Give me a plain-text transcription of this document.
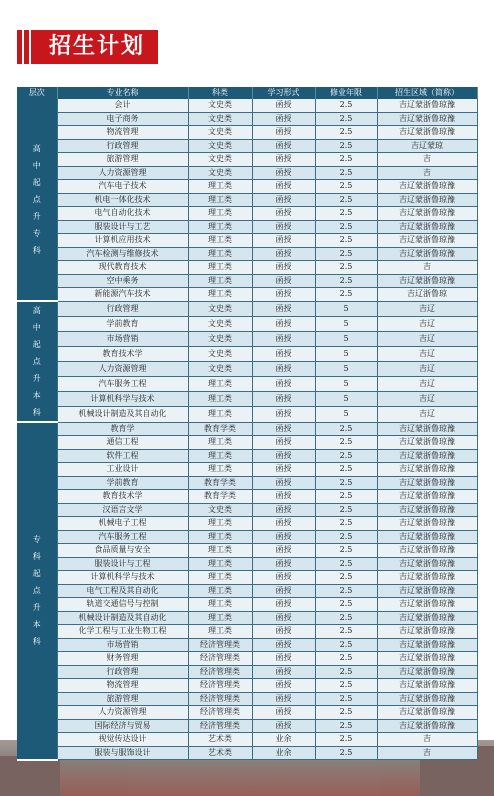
招生计划
层次	专业名称	科类	学习形式	修业年限	招生区域（简称）
高中起点升专科	会计	文史类	函授	2.5	吉辽蒙浙鲁琼豫
	电子商务	文史类	函授	2.5	吉辽蒙浙鲁琼豫
	物流管理	文史类	函授	2.5	吉辽蒙浙鲁琼豫
	行政管理	文史类	函授	2.5	吉辽蒙琼
	旅游管理	文史类	函授	2.5	吉
	人力资源管理	文史类	函授	2.5	吉
	汽车电子技术	理工类	函授	2.5	吉辽蒙浙鲁琼豫
	机电一体化技术	理工类	函授	2.5	吉辽蒙浙鲁琼豫
	电气自动化技术	理工类	函授	2.5	吉辽蒙浙鲁琼豫
	服装设计与工艺	理工类	函授	2.5	吉辽蒙浙鲁琼豫
	计算机应用技术	理工类	函授	2.5	吉辽蒙浙鲁琼豫
	汽车检测与维修技术	理工类	函授	2.5	吉辽蒙浙鲁琼豫
	现代教育技术	理工类	函授	2.5	吉
	空中乘务	理工类	函授	2.5	吉辽蒙浙鲁琼豫
	新能源汽车技术	理工类	函授	2.5	吉辽浙鲁琼
高中起点升本科	行政管理	文史类	函授	5	吉辽
	学前教育	文史类	函授	5	吉辽
	市场营销	文史类	函授	5	吉辽
	教育技术学	文史类	函授	5	吉辽
	人力资源管理	文史类	函授	5	吉辽
	汽车服务工程	理工类	函授	5	吉辽
	计算机科学与技术	理工类	函授	5	吉辽
	机械设计制造及其自动化	理工类	函授	5	吉辽
专科起点升本科	教育学	教育学类	函授	2.5	吉辽蒙浙鲁琼豫
	通信工程	理工类	函授	2.5	吉辽蒙浙鲁琼豫
	软件工程	理工类	函授	2.5	吉辽蒙浙鲁琼豫
	工业设计	理工类	函授	2.5	吉辽蒙浙鲁琼豫
	学前教育	教育学类	函授	2.5	吉辽蒙浙鲁琼豫
	教育技术学	教育学类	函授	2.5	吉辽蒙浙鲁琼豫
	汉语言文学	文史类	函授	2.5	吉辽蒙浙鲁琼豫
	机械电子工程	理工类	函授	2.5	吉辽蒙浙鲁琼豫
	汽车服务工程	理工类	函授	2.5	吉辽蒙浙鲁琼豫
	食品质量与安全	理工类	函授	2.5	吉辽蒙浙鲁琼豫
	服装设计与工程	理工类	函授	2.5	吉辽蒙浙鲁琼豫
	计算机科学与技术	理工类	函授	2.5	吉辽蒙浙鲁琼豫
	电气工程及其自动化	理工类	函授	2.5	吉辽蒙浙鲁琼豫
	轨道交通信号与控制	理工类	函授	2.5	吉辽蒙浙鲁琼豫
	机械设计制造及其自动化	理工类	函授	2.5	吉辽蒙浙鲁琼豫
	化学工程与工业生物工程	理工类	函授	2.5	吉辽蒙浙鲁琼豫
	市场营销	经济管理类	函授	2.5	吉辽蒙浙鲁琼豫
	财务管理	经济管理类	函授	2.5	吉辽蒙浙鲁琼豫
	行政管理	经济管理类	函授	2.5	吉辽蒙浙鲁琼豫
	物流管理	经济管理类	函授	2.5	吉辽蒙浙鲁琼豫
	旅游管理	经济管理类	函授	2.5	吉辽蒙浙鲁琼豫
	人力资源管理	经济管理类	函授	2.5	吉辽蒙浙鲁琼豫
	国际经济与贸易	经济管理类	函授	2.5	吉辽蒙浙鲁琼豫
	视觉传达设计	艺术类	业余	2.5	吉
	服装与服饰设计	艺术类	业余	2.5	吉
